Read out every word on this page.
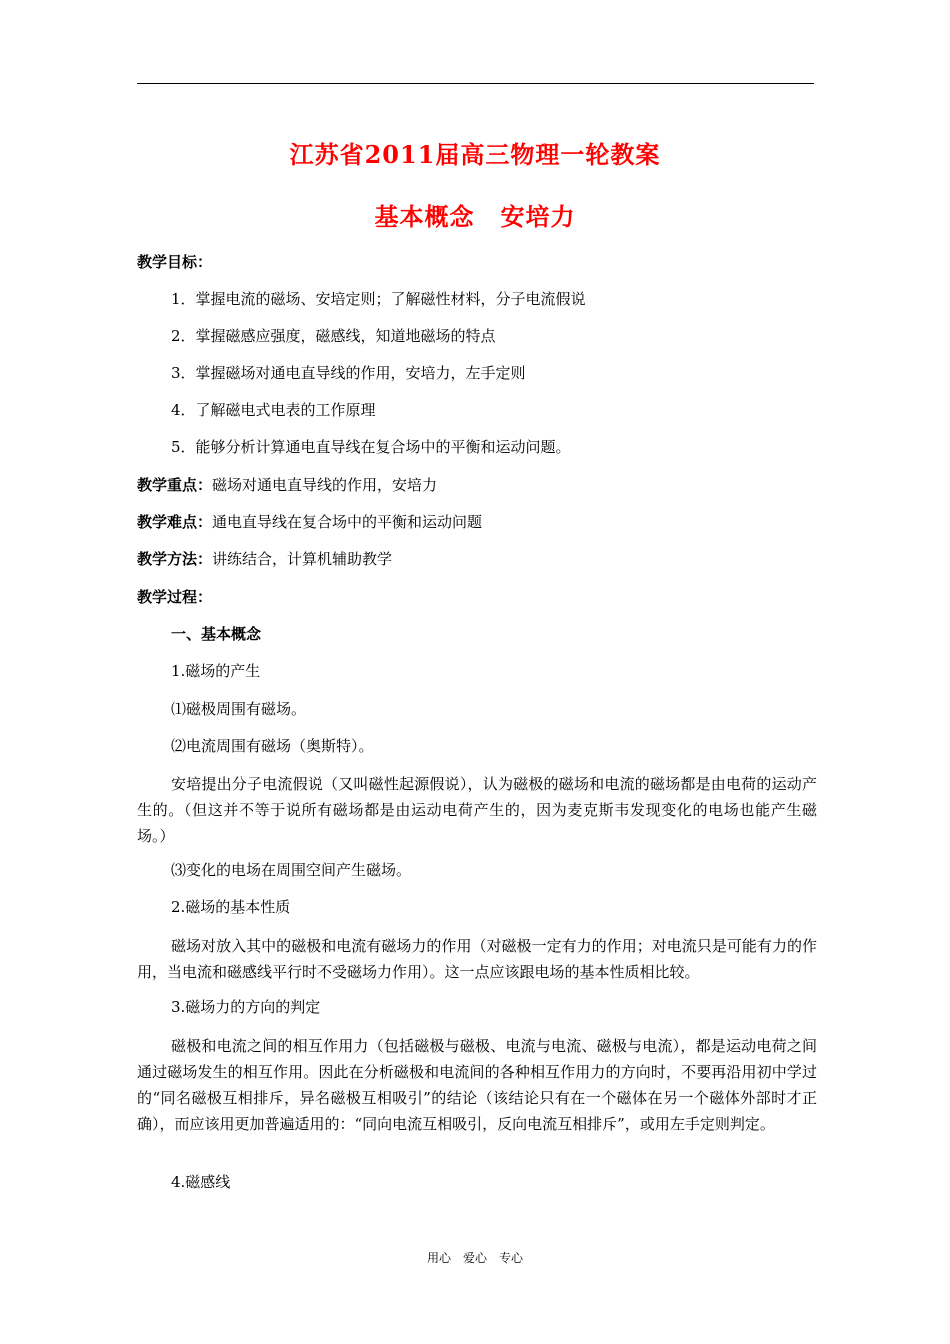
江苏省2011届高三物理一轮教案
基本概念 安培力
教学目标：
1．掌握电流的磁场、安培定则；了解磁性材料，分子电流假说
2．掌握磁感应强度，磁感线，知道地磁场的特点
3．掌握磁场对通电直导线的作用，安培力，左手定则
4．了解磁电式电表的工作原理
5．能够分析计算通电直导线在复合场中的平衡和运动问题。
教学重点：磁场对通电直导线的作用，安培力
教学难点：通电直导线在复合场中的平衡和运动问题
教学方法：讲练结合，计算机辅助教学
教学过程：
一、基本概念
1.磁场的产生
⑴磁极周围有磁场。
⑵电流周围有磁场（奥斯特）。
安培提出分子电流假说（又叫磁性起源假说），认为磁极的磁场和电流的磁场都是由电荷的运动产生的。（但这并不等于说所有磁场都是由运动电荷产生的，因为麦克斯韦发现变化的电场也能产生磁场。）
⑶变化的电场在周围空间产生磁场。
2.磁场的基本性质
磁场对放入其中的磁极和电流有磁场力的作用（对磁极一定有力的作用；对电流只是可能有力的作用，当电流和磁感线平行时不受磁场力作用）。这一点应该跟电场的基本性质相比较。
3.磁场力的方向的判定
磁极和电流之间的相互作用力（包括磁极与磁极、电流与电流、磁极与电流），都是运动电荷之间通过磁场发生的相互作用。因此在分析磁极和电流间的各种相互作用力的方向时，不要再沿用初中学过的“同名磁极互相排斥，异名磁极互相吸引”的结论（该结论只有在一个磁体在另一个磁体外部时才正确），而应该用更加普遍适用的：“同向电流互相吸引，反向电流互相排斥”，或用左手定则判定。
4.磁感线
用心　爱心　专心
